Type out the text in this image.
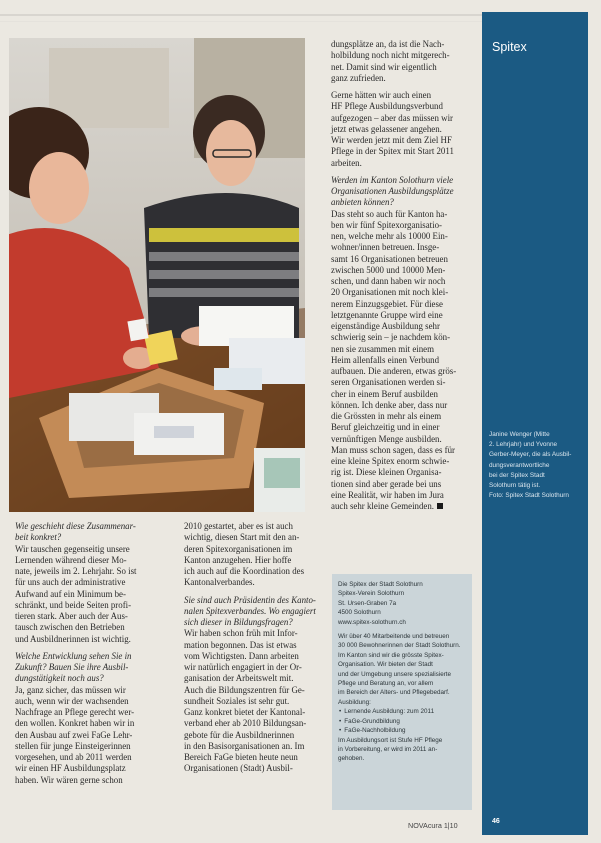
Wie geschieht diese Zusammenar-
beit konkret?

Wir tauschen gegenseitig unsere
Lernenden während dieser Mo-
nate, jeweils im 2. Lehrjahr. So ist
für uns auch der administrative
Aufwand auf ein Minimum be-
schränkt, und beide Seiten profi-
tieren stark. Aber auch der Aus-
tausch zwischen den Betrieben
und Ausbildnerinnen ist wichtig.

Welche Entwicklung sehen Sie in
Zukunft? Bauen Sie ihre Ausbil-
dungstätigkeit noch aus?

Ja, ganz sicher, das müssen wir
auch, wenn wir der wachsenden
Nachfrage an Pflege gerecht wer-
den wollen. Konkret haben wir in
den Ausbau auf zwei FaGe Lehr-
stellen für junge Einsteigerinnen
vorgesehen, und ab 2011 werden
wir einen HF Ausbildungsplatz
haben. Wir wären gerne schon

2010 gestartet, aber es ist auch
wichtig, diesen Start mit den an-
deren Spitexorganisationen im
Kanton anzugehen. Hier hoffe
ich auch auf die Koordination des
Kantonalverbandes.

Sie sind auch Präsidentin des Kanto-
nalen Spitexverbandes. Wo engagiert
sich dieser in Bildungsfragen?

Wir haben schon früh mit Infor-
mation begonnen. Das ist etwas
vom Wichtigsten. Dann arbeiten
wir natürlich engagiert in der Or-
ganisation der Arbeitswelt mit.
Auch die Bildungszentren für Ge-
sundheit Soziales ist sehr gut.
Ganz konkret bietet der Kantonal-
verband eher ab 2010 Bildungsan-
gebote für die Ausbildnerinnen
in den Basisorganisationen an. Im
Bereich FaGe bieten heute neun
Organisationen (Stadt) Ausbil-

dungsplätze an, da ist die Nach-
holbildung noch nicht mitgerech-
net. Damit sind wir eigentlich
ganz zufrieden.

Gerne hätten wir auch einen
HF Pflege Ausbildungsverbund
aufgezogen – aber das müssen wir
jetzt etwas gelassener angehen.
Wir werden jetzt mit dem Ziel HF
Pflege in der Spitex mit Start 2011
arbeiten.

Werden im Kanton Solothurn viele
Organisationen Ausbildungsplätze
anbieten können?

Das steht so auch für Kanton ha-
ben wir fünf Spitexorganisatio-
nen, welche mehr als 10000 Ein-
wohner/innen betreuen. Insge-
samt 16 Organisationen betreuen
zwischen 5000 und 10000 Men-
schen, und dann haben wir noch
20 Organisationen mit noch klei-
nerem Einzugsgebiet. Für diese
letztgenannte Gruppe wird eine
eigenständige Ausbildung sehr
schwierig sein – je nachdem kön-
nen sie zusammen mit einem
Heim allenfalls einen Verbund
aufbauen. Die anderen, etwas grös-
seren Organisationen werden si-
cher in einem Beruf ausbilden
können. Ich denke aber, dass nur
die Grössten in mehr als einem
Beruf gleichzeitig und in einer
vernünftigen Menge ausbilden.
Man muss schon sagen, dass es für
eine kleine Spitex enorm schwie-
rig ist. Diese kleinen Organisa-
tionen sind aber gerade bei uns
eine Realität, wir haben im Jura
auch sehr kleine Gemeinden.

Die Spitex der Stadt Solothurn
Spitex-Verein Solothurn
St. Ursen-Graben 7a
4500 Solothurn
www.spitex-solothurn.ch
Wir über 40 Mitarbeitende und betreuen
30 000 Bewohnerinnen der Stadt Solothurn.
Im Kanton sind wir die grösste Spitex-
Organisation. Wir bieten der Stadt
und der Umgebung unsere spezialisierte
Pflege und Beratung an, vor allem
im Bereich der Alters- und Pflegebedarf.
Ausbildung:
• Lernende Ausbildung: zum 2011
• FaGe-Grundbildung
• FaGe-Nachholbildung
Im Ausbildungsort ist Stufe HF Pflege
in Vorbereitung, er wird im 2011 an-
gehoben.
NOVAcura 1|10
Spitex
Janine Wenger (Mitte
2. Lehrjahr) und Yvonne
Gerber-Meyer, die als Ausbil-
dungsverantwortliche
bei der Spitex Stadt
Solothurn tätig ist.
Foto: Spitex Stadt Solothurn
46
